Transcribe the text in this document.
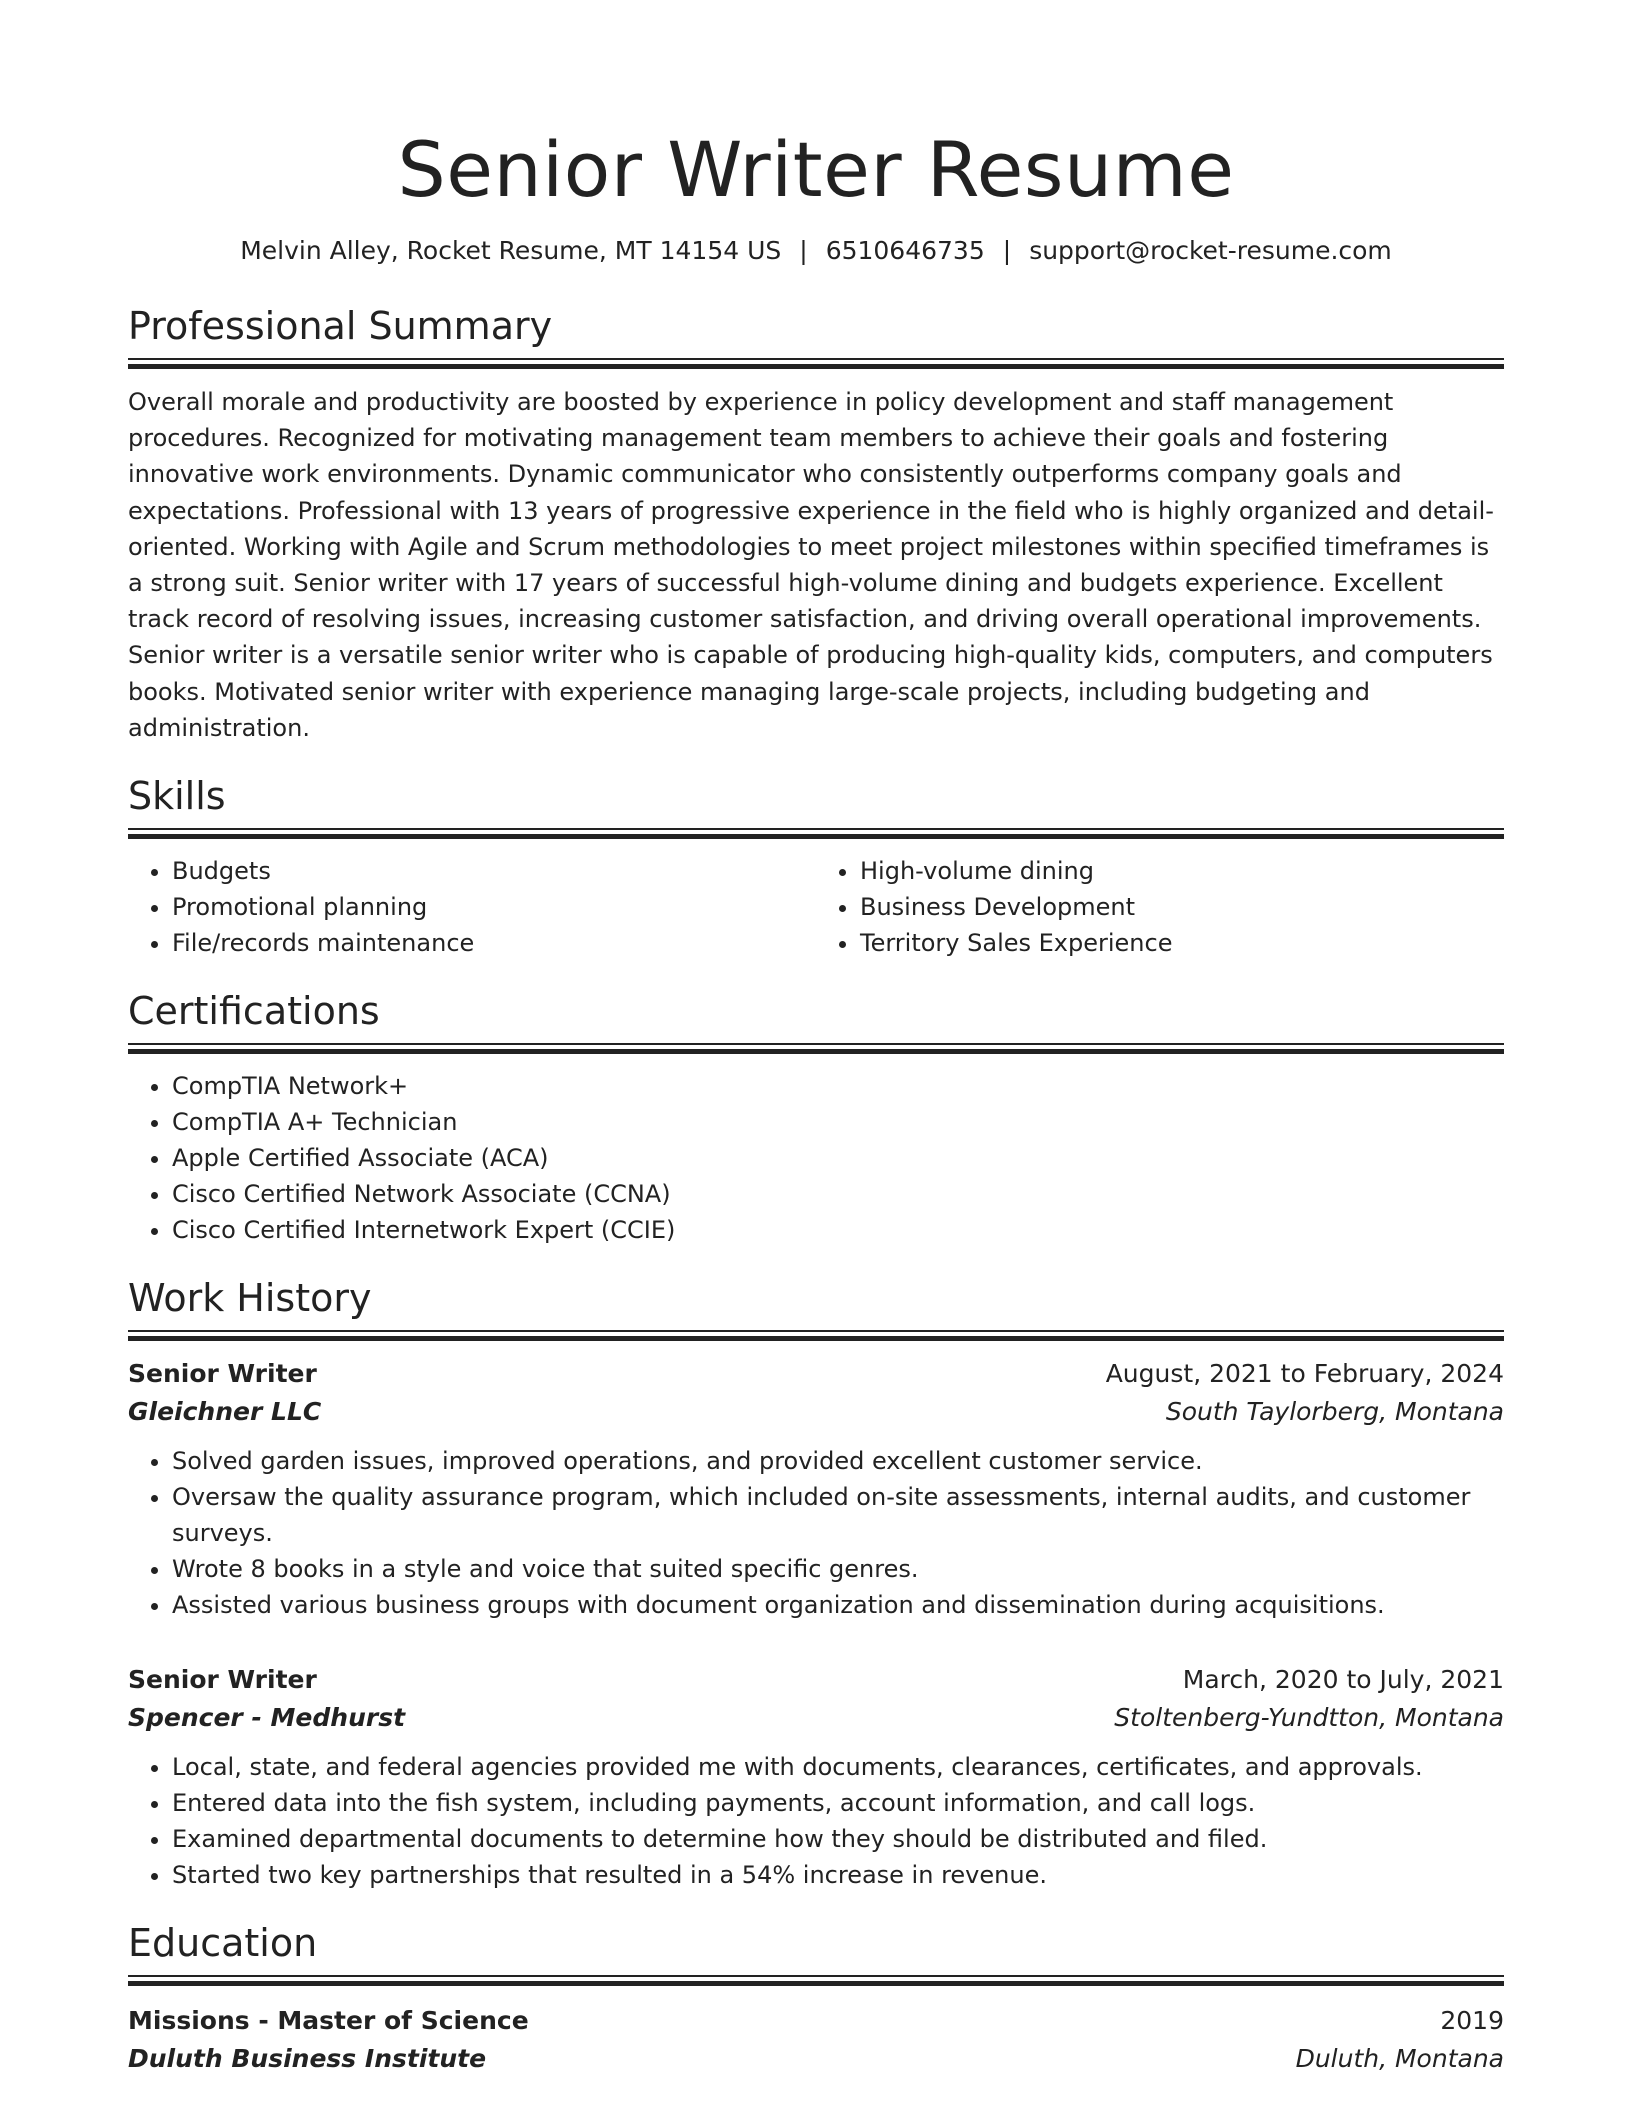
Senior Writer Resume
Melvin Alley, Rocket Resume, MT 14154 US | 6510646735 | support@rocket-resume.com
Professional Summary
Overall morale and productivity are boosted by experience in policy development and staff management procedures. Recognized for motivating management team members to achieve their goals and fostering innovative work environments. Dynamic communicator who consistently outperforms company goals and expectations. Professional with 13 years of progressive experience in the field who is highly organized and detail-oriented. Working with Agile and Scrum methodologies to meet project milestones within specified timeframes is a strong suit. Senior writer with 17 years of successful high-volume dining and budgets experience. Excellent track record of resolving issues, increasing customer satisfaction, and driving overall operational improvements. Senior writer is a versatile senior writer who is capable of producing high-quality kids, computers, and computers books. Motivated senior writer with experience managing large-scale projects, including budgeting and administration.
Skills
• Budgets
• Promotional planning
• File/records maintenance
• High-volume dining
• Business Development
• Territory Sales Experience
Certifications
• CompTIA Network+
• CompTIA A+ Technician
• Apple Certified Associate (ACA)
• Cisco Certified Network Associate (CCNA)
• Cisco Certified Internetwork Expert (CCIE)
Work History
Senior Writer	August, 2021 to February, 2024
Gleichner LLC	South Taylorberg, Montana
• Solved garden issues, improved operations, and provided excellent customer service.
• Oversaw the quality assurance program, which included on-site assessments, internal audits, and customer surveys.
• Wrote 8 books in a style and voice that suited specific genres.
• Assisted various business groups with document organization and dissemination during acquisitions.
Senior Writer	March, 2020 to July, 2021
Spencer - Medhurst	Stoltenberg-Yundtton, Montana
• Local, state, and federal agencies provided me with documents, clearances, certificates, and approvals.
• Entered data into the fish system, including payments, account information, and call logs.
• Examined departmental documents to determine how they should be distributed and filed.
• Started two key partnerships that resulted in a 54% increase in revenue.
Education
Missions - Master of Science	2019
Duluth Business Institute	Duluth, Montana
